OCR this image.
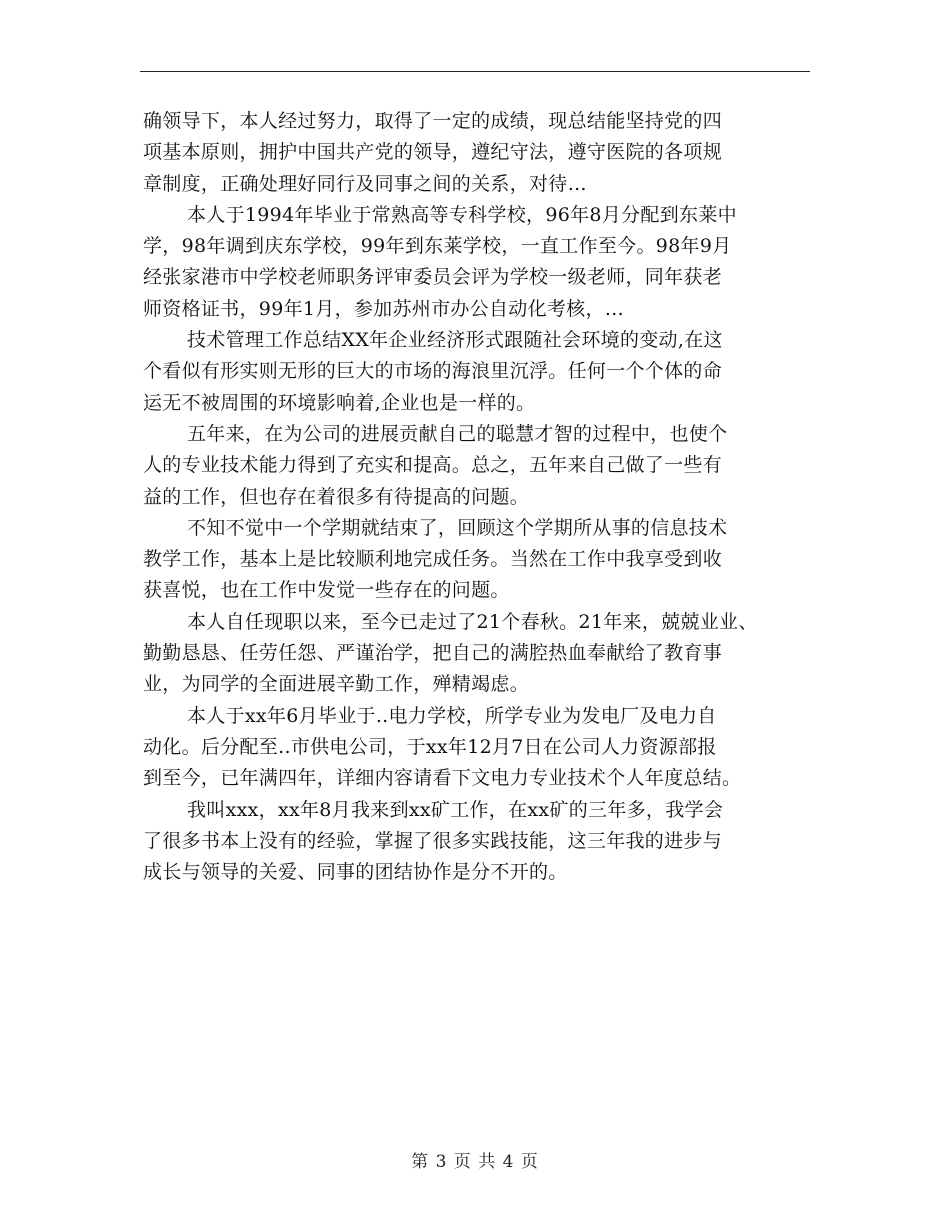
确领导下，本人经过努力，取得了一定的成绩，现总结能坚持党的四
项基本原则，拥护中国共产党的领导，遵纪守法，遵守医院的各项规
章制度，正确处理好同行及同事之间的关系，对待…
本人于1994年毕业于常熟高等专科学校，96年8月分配到东莱中
学，98年调到庆东学校，99年到东莱学校，一直工作至今。98年9月
经张家港市中学校老师职务评审委员会评为学校一级老师，同年获老
师资格证书，99年1月，参加苏州市办公自动化考核，…
技术管理工作总结XX年企业经济形式跟随社会环境的变动,在这
个看似有形实则无形的巨大的市场的海浪里沉浮。任何一个个体的命
运无不被周围的环境影响着,企业也是一样的。
五年来，在为公司的进展贡献自己的聪慧才智的过程中，也使个
人的专业技术能力得到了充实和提高。总之，五年来自己做了一些有
益的工作，但也存在着很多有待提高的问题。
不知不觉中一个学期就结束了，回顾这个学期所从事的信息技术
教学工作，基本上是比较顺利地完成任务。当然在工作中我享受到收
获喜悦，也在工作中发觉一些存在的问题。
本人自任现职以来，至今已走过了21个春秋。21年来，兢兢业业、
勤勤恳恳、任劳任怨、严谨治学，把自己的满腔热血奉献给了教育事
业，为同学的全面进展辛勤工作，殚精竭虑。
本人于xx年6月毕业于..电力学校，所学专业为发电厂及电力自
动化。后分配至..市供电公司，于xx年12月7日在公司人力资源部报
到至今，已年满四年，详细内容请看下文电力专业技术个人年度总结。
我叫xxx，xx年8月我来到xx矿工作，在xx矿的三年多，我学会
了很多书本上没有的经验，掌握了很多实践技能，这三年我的进步与
成长与领导的关爱、同事的团结协作是分不开的。
第 3 页 共 4 页
